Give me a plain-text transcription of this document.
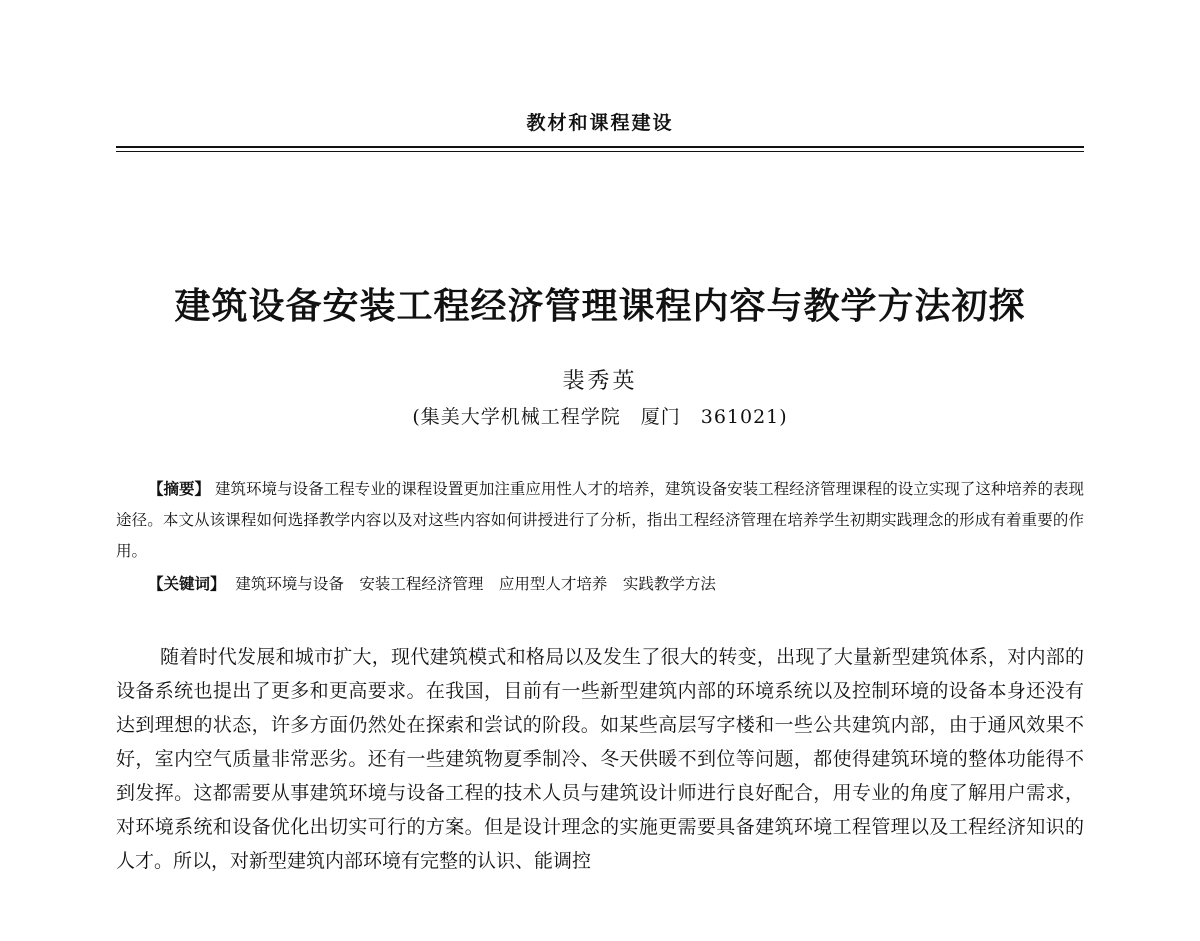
教材和课程建设
建筑设备安装工程经济管理课程内容与教学方法初探
裴秀英
(集美大学机械工程学院　厦门　361021)
【摘要】 建筑环境与设备工程专业的课程设置更加注重应用性人才的培养，建筑设备安装工程经济管理课程的设立实现了这种培养的表现途径。本文从该课程如何选择教学内容以及对这些内容如何讲授进行了分析，指出工程经济管理在培养学生初期实践理念的形成有着重要的作用。
【关键词】 建筑环境与设备　安装工程经济管理　应用型人才培养　实践教学方法
随着时代发展和城市扩大，现代建筑模式和格局以及发生了很大的转变，出现了大量新型建筑体系，对内部的设备系统也提出了更多和更高要求。在我国，目前有一些新型建筑内部的环境系统以及控制环境的设备本身还没有达到理想的状态，许多方面仍然处在探索和尝试的阶段。如某些高层写字楼和一些公共建筑内部，由于通风效果不好，室内空气质量非常恶劣。还有一些建筑物夏季制冷、冬天供暖不到位等问题，都使得建筑环境的整体功能得不到发挥。这都需要从事建筑环境与设备工程的技术人员与建筑设计师进行良好配合，用专业的角度了解用户需求，对环境系统和设备优化出切实可行的方案。但是设计理念的实施更需要具备建筑环境工程管理以及工程经济知识的人才。所以，对新型建筑内部环境有完整的认识、能调控
